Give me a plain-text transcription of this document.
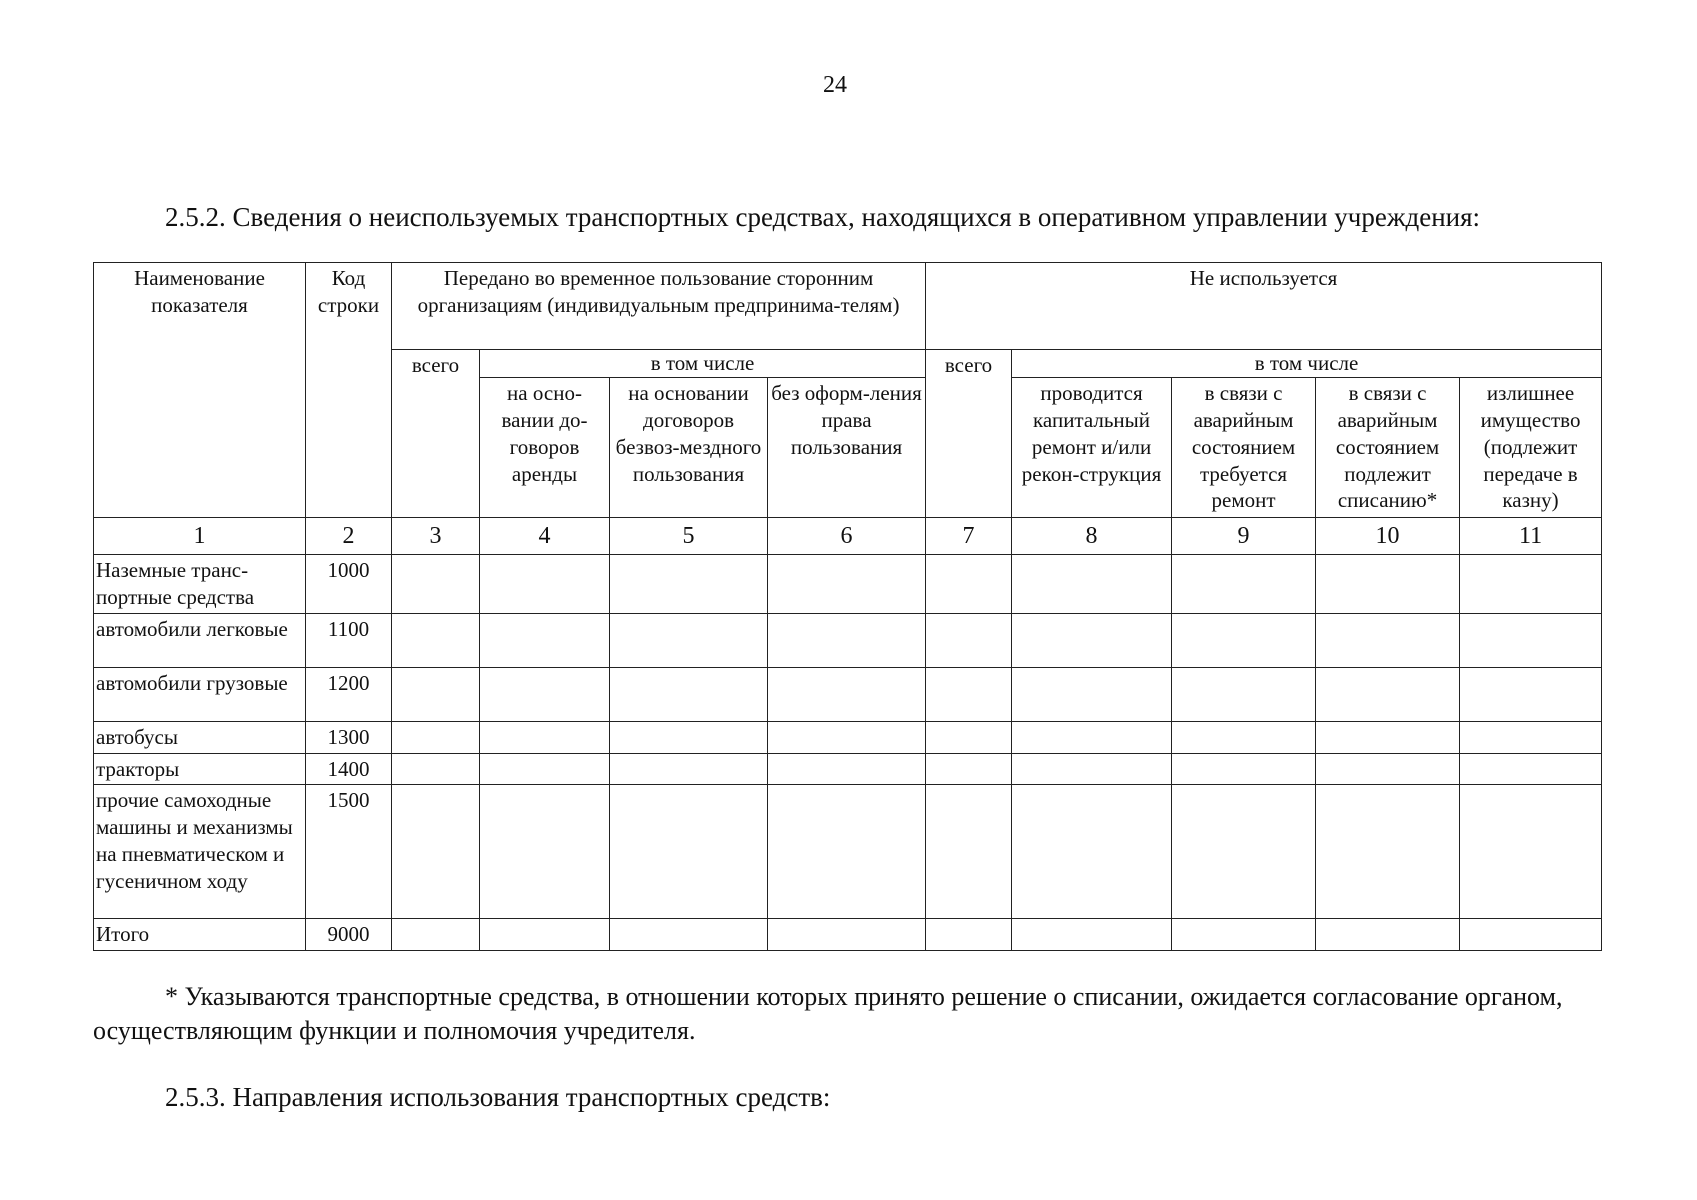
24
2.5.2. Сведения о неиспользуемых транспортных средствах, находящихся в оперативном управлении учреждения:
Наименование показателя	Код строки	Передано во временное пользование сторонним организациям (индивидуальным предпринима-телям)				Не используется				
		всего	в том числе			всего	в том числе			
			на осно-вании до-говоров аренды	на основании договоров безвоз-мездного пользования	без оформ-ления права пользования		проводится капитальный ремонт и/или рекон-струкция	в связи с аварийным состоянием требуется ремонт	в связи с аварийным состоянием подлежит списанию*	излишнее имущество (подлежит передаче в казну)
1	2	3	4	5	6	7	8	9	10	11
Наземные транс-портные средства	1000									
автомобили легковые	1100									
автомобили грузовые	1200									
автобусы	1300									
тракторы	1400									
прочие самоходные машины и механизмы на пневматическом и гусеничном ходу	1500									
Итого	9000									
* Указываются транспортные средства, в отношении которых принято решение о списании, ожидается согласование органом, осуществляющим функции и полномочия учредителя.
2.5.3. Направления использования транспортных средств:
